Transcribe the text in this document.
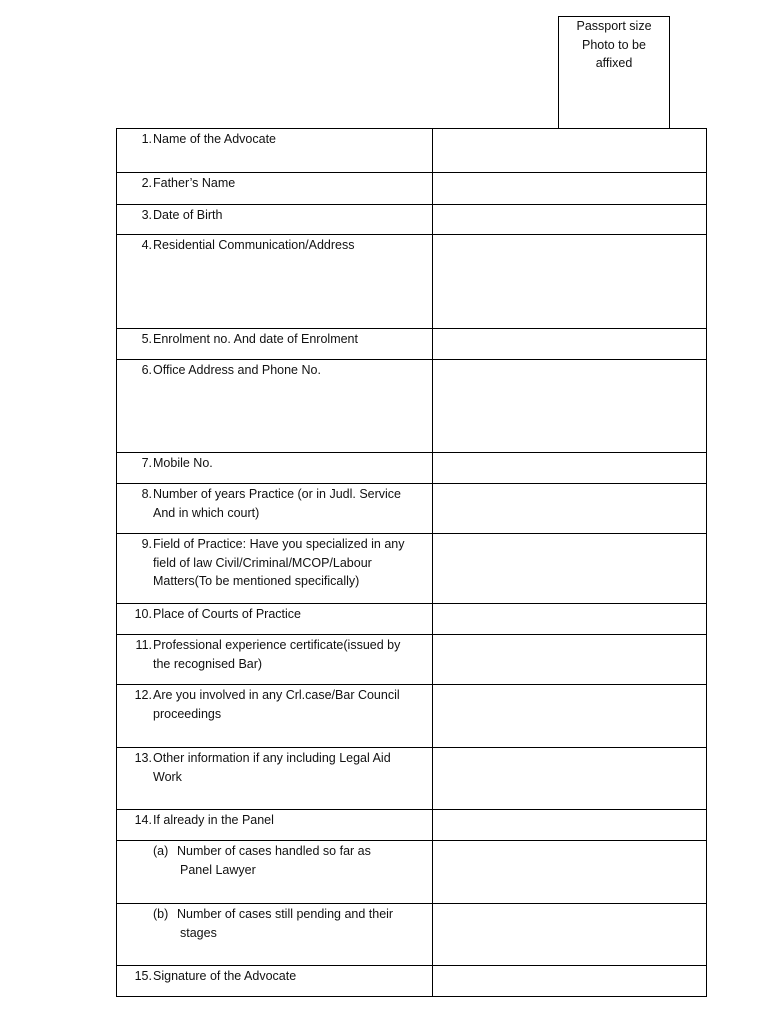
Passport size
Photo to be
affixed
1. Name of the Advocate	

2. Father’s Name	

3. Date of Birth	

4. Residential Communication/Address	

5. Enrolment no. And date of Enrolment	

6. Office Address and Phone No.	

7. Mobile No.	

8. Number of years Practice (or in Judl. Service And in which court)	

9. Field of Practice: Have you specialized in any field of law Civil/Criminal/MCOP/Labour Matters(To be mentioned specifically)	

10. Place of Courts of Practice	

11. Professional experience certificate(issued by the recognised Bar)	

12. Are you involved in any Crl.case/Bar Council proceedings	

13. Other information if any including Legal Aid Work	

14. If already in the Panel	

(a) Number of cases handled so far as
Panel Lawyer	

(b) Number of cases still pending and their
stages	

15. Signature of the Advocate	
